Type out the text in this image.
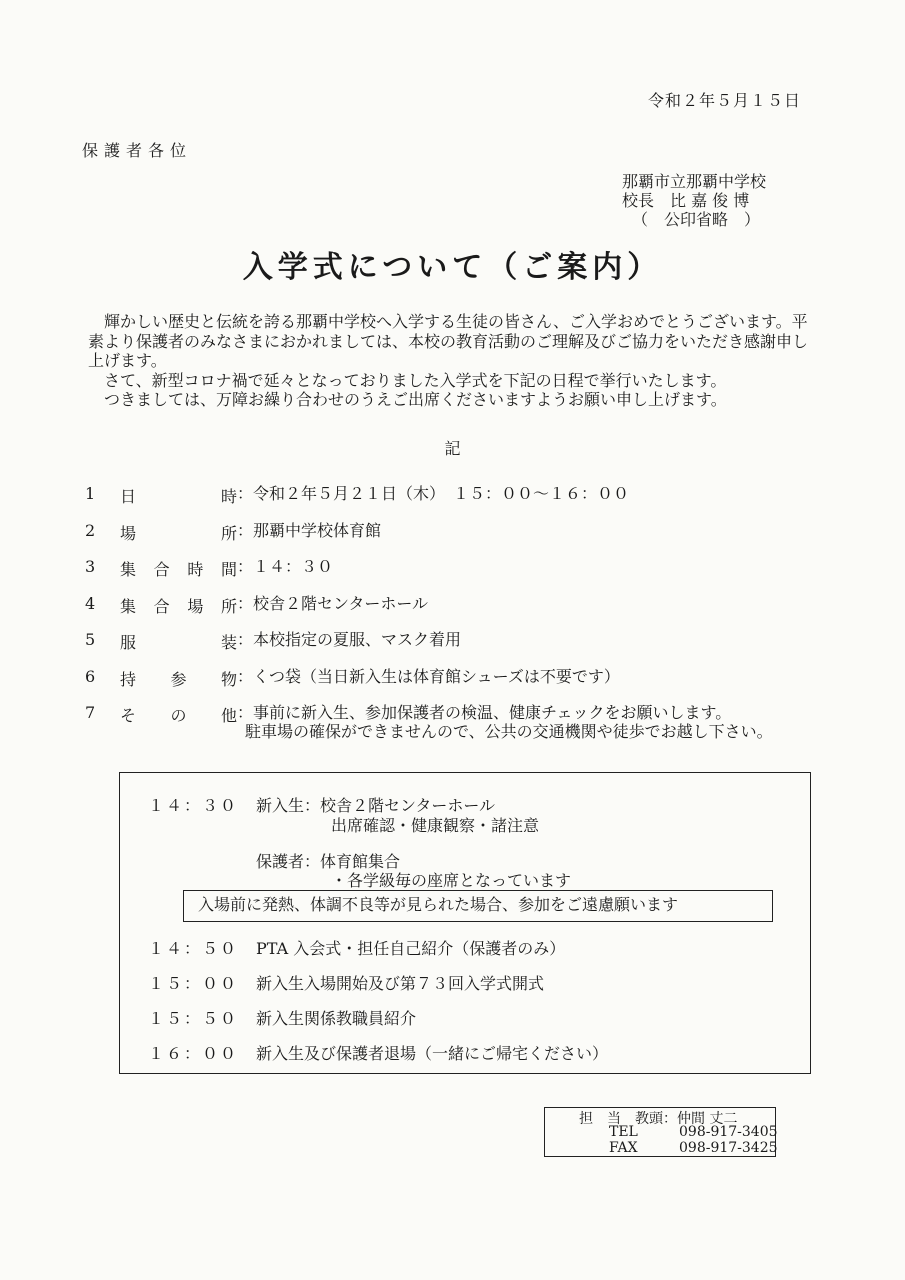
令和２年５月１５日
保護者各位
那覇市立那覇中学校
校長　比 嘉 俊 博
（　公印省略　）
入学式について（ご案内）

輝かしい歴史と伝統を誇る那覇中学校へ入学する生徒の皆さん、ご入学おめでとうございます。平素より保護者のみなさまにおかれましては、本校の教育活動のご理解及びご協力をいただき感謝申し上げます。

さて、新型コロナ禍で延々となっておりました入学式を下記の日程で挙行いたします。

つきましては、万障お繰り合わせのうえご出席くださいますようお願い申し上げます。

記
1	日　時 ：令和２年５月２１日（木）　１５：００～１６：００
2	場　所 ：那覇中学校体育館
3	集合時間 ：１４：３０
4	集合場所 ：校舎２階センターホール
5	服　装 ：本校指定の夏服、マスク着用
6	持参物 ：くつ袋（当日新入生は体育館シューズは不要です）
7	その他 ：事前に新入生、参加保護者の検温、健康チェックをお願いします。
駐車場の確保ができませんので、公共の交通機関や徒歩でお越し下さい。
１４：３０ 新入生：校舎２階センターホール
出席確認・健康観察・諸注意
保護者：体育館集合
・各学級毎の座席となっています
入場前に発熱、体調不良等が見られた場合、参加をご遠慮願います
１４：５０ PTA 入会式・担任自己紹介（保護者のみ）
１５：００ 新入生入場開始及び第７３回入学式開式
１５：５０ 新入生関係教職員紹介
１６：００ 新入生及び保護者退場（一緒にご帰宅ください）
担　当　教頭：仲間 丈二
TEL	098-917-3405
FAX	098-917-3425
